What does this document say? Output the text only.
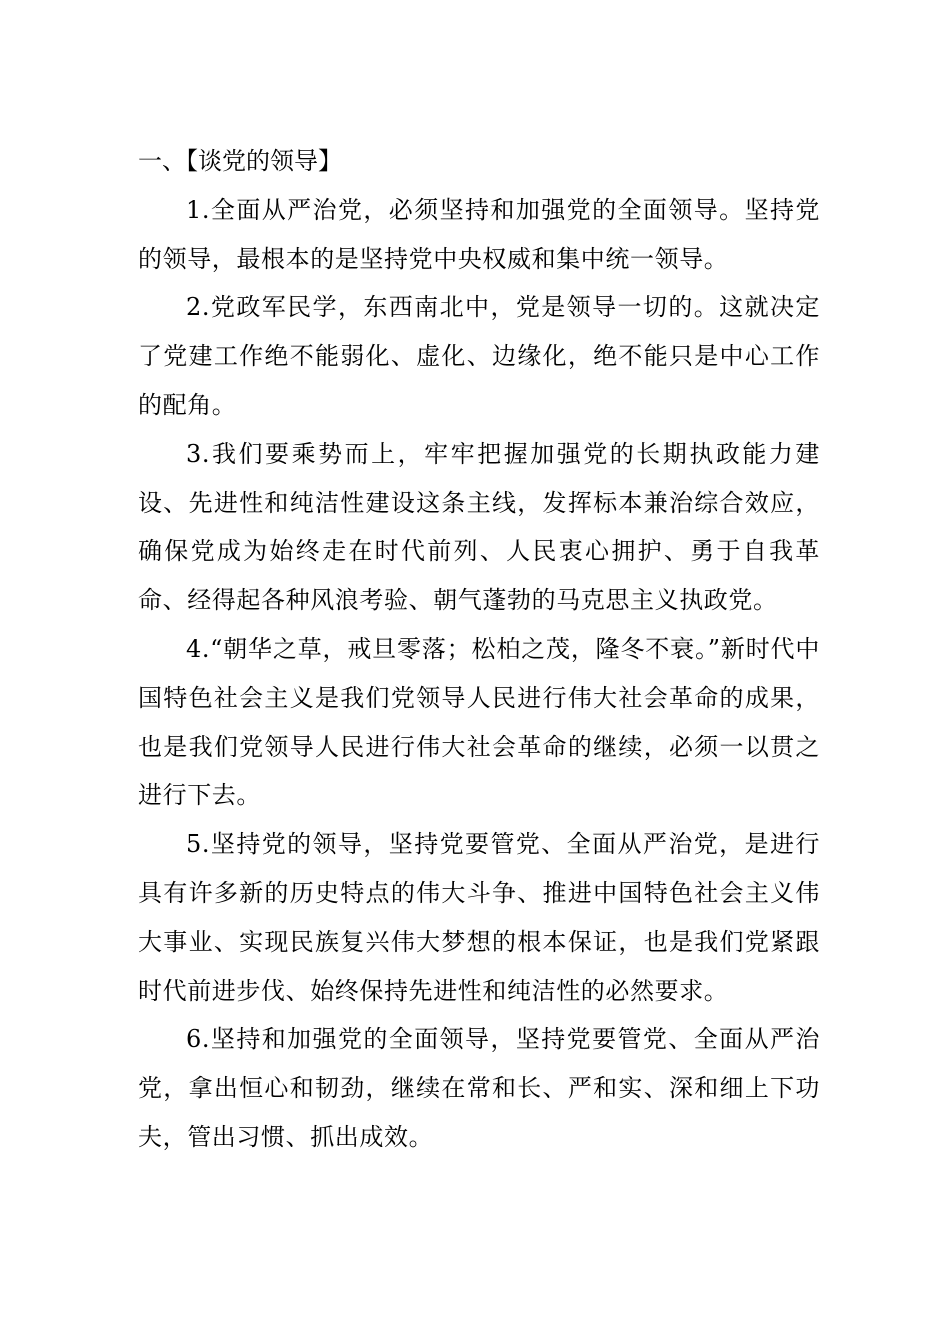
一、【谈党的领导】

1.全面从严治党，必须坚持和加强党的全面领导。坚持党的领导，最根本的是坚持党中央权威和集中统一领导。

2.党政军民学，东西南北中，党是领导一切的。这就决定了党建工作绝不能弱化、虚化、边缘化，绝不能只是中心工作的配角。

3.我们要乘势而上，牢牢把握加强党的长期执政能力建设、先进性和纯洁性建设这条主线，发挥标本兼治综合效应，确保党成为始终走在时代前列、人民衷心拥护、勇于自我革命、经得起各种风浪考验、朝气蓬勃的马克思主义执政党。

4.“朝华之草，戒旦零落；松柏之茂，隆冬不衰。”新时代中国特色社会主义是我们党领导人民进行伟大社会革命的成果，也是我们党领导人民进行伟大社会革命的继续，必须一以贯之进行下去。

5.坚持党的领导，坚持党要管党、全面从严治党，是进行具有许多新的历史特点的伟大斗争、推进中国特色社会主义伟大事业、实现民族复兴伟大梦想的根本保证，也是我们党紧跟时代前进步伐、始终保持先进性和纯洁性的必然要求。

6.坚持和加强党的全面领导，坚持党要管党、全面从严治党，拿出恒心和韧劲，继续在常和长、严和实、深和细上下功夫，管出习惯、抓出成效。
